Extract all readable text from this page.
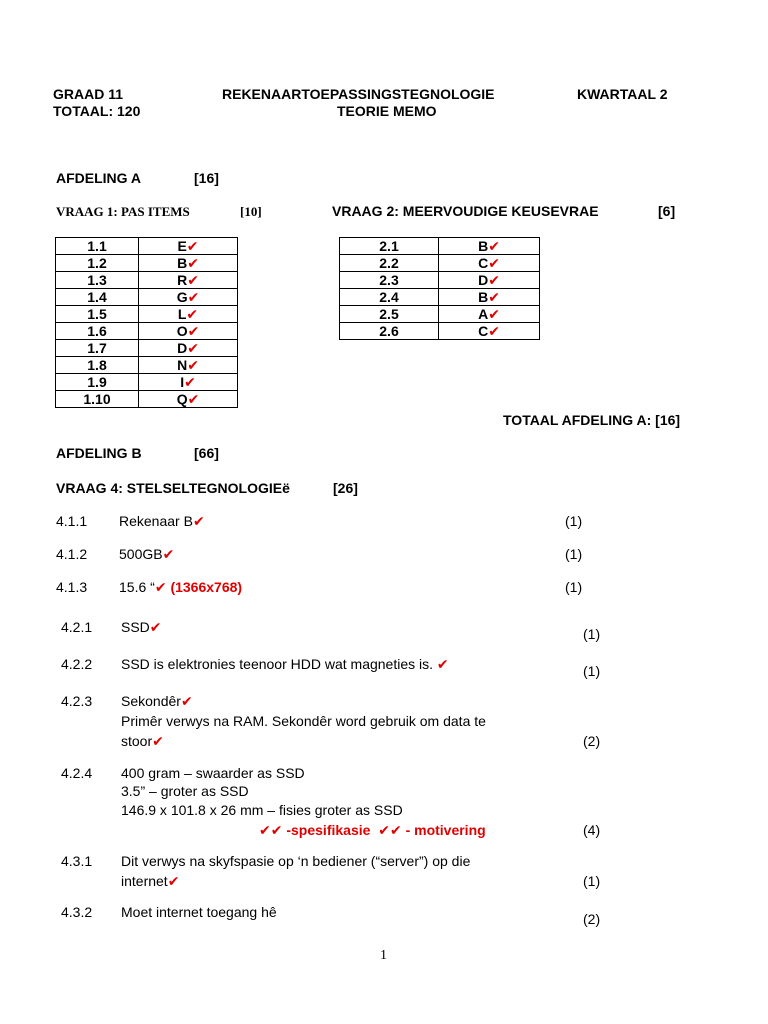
GRAAD 11	REKENAARTOEPASSINGSTEGNOLOGIE	KWARTAAL 2
TOTAAL: 120	TEORIE MEMO
AFDELING A	[16]
VRAAG 1: PAS ITEMS	[10]	VRAAG 2: MEERVOUDIGE KEUSEVRAE	[6]
1.1	E✔
1.2	B✔
1.3	R✔
1.4	G✔
1.5	L✔
1.6	O✔
1.7	D✔
1.8	N✔
1.9	I✔
1.10	Q✔
2.1	B✔
2.2	C✔
2.3	D✔
2.4	B✔
2.5	A✔
2.6	C✔
TOTAAL AFDELING A: [16]
AFDELING B	[66]
VRAAG 4: STELSELTEGNOLOGIEë	[26]
4.1.1 Rekenaar B✔	(1)
4.1.2 500GB✔	(1)
4.1.3 15.6 “✔ (1366x768)	(1)
4.2.1 SSD✔	(1)
4.2.2 SSD is elektronies teenoor HDD wat magneties is. ✔	(1)
4.2.3 Sekondêr✔
Primêr verwys na RAM. Sekondêr word gebruik om data te
stoor✔	(2)
4.2.4 400 gram – swaarder as SSD
3.5” – groter as SSD
146.9 x 101.8 x 26 mm – fisies groter as SSD
✔✔ -spesifikasie ✔✔ - motivering	(4)
4.3.1 Dit verwys na skyfspasie op ‘n bediener (“server”) op die
internet✔	(1)
4.3.2 Moet internet toegang hê	(2)
1
